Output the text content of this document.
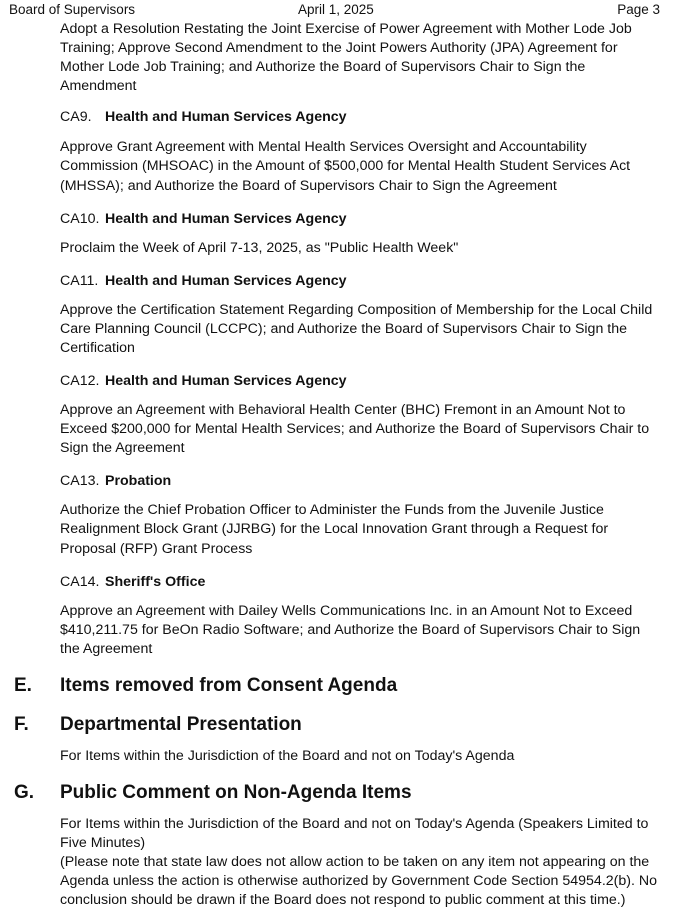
Board of Supervisors	April 1, 2025	Page 3

Adopt a Resolution Restating the Joint Exercise of Power Agreement with Mother Lode Job Training; Approve Second Amendment to the Joint Powers Authority (JPA) Agreement for Mother Lode Job Training; and Authorize the Board of Supervisors Chair to Sign the Amendment

CA9. Health and Human Services Agency

Approve Grant Agreement with Mental Health Services Oversight and Accountability Commission (MHSOAC) in the Amount of $500,000 for Mental Health Student Services Act (MHSSA); and Authorize the Board of Supervisors Chair to Sign the Agreement

CA10. Health and Human Services Agency

Proclaim the Week of April 7-13, 2025, as "Public Health Week"

CA11. Health and Human Services Agency

Approve the Certification Statement Regarding Composition of Membership for the Local Child Care Planning Council (LCCPC); and Authorize the Board of Supervisors Chair to Sign the Certification

CA12. Health and Human Services Agency

Approve an Agreement with Behavioral Health Center (BHC) Fremont in an Amount Not to Exceed $200,000 for Mental Health Services; and Authorize the Board of Supervisors Chair to Sign the Agreement

CA13. Probation

Authorize the Chief Probation Officer to Administer the Funds from the Juvenile Justice Realignment Block Grant (JJRBG) for the Local Innovation Grant through a Request for Proposal (RFP) Grant Process

CA14. Sheriff's Office

Approve an Agreement with Dailey Wells Communications Inc. in an Amount Not to Exceed $410,211.75 for BeOn Radio Software; and Authorize the Board of Supervisors Chair to Sign the Agreement

E.	Items removed from Consent Agenda
F.	Departmental Presentation

For Items within the Jurisdiction of the Board and not on Today's Agenda

G.	Public Comment on Non-Agenda Items

For Items within the Jurisdiction of the Board and not on Today's Agenda (Speakers Limited to Five Minutes)

(Please note that state law does not allow action to be taken on any item not appearing on the Agenda unless the action is otherwise authorized by Government Code Section 54954.2(b). No conclusion should be drawn if the Board does not respond to public comment at this time.)
